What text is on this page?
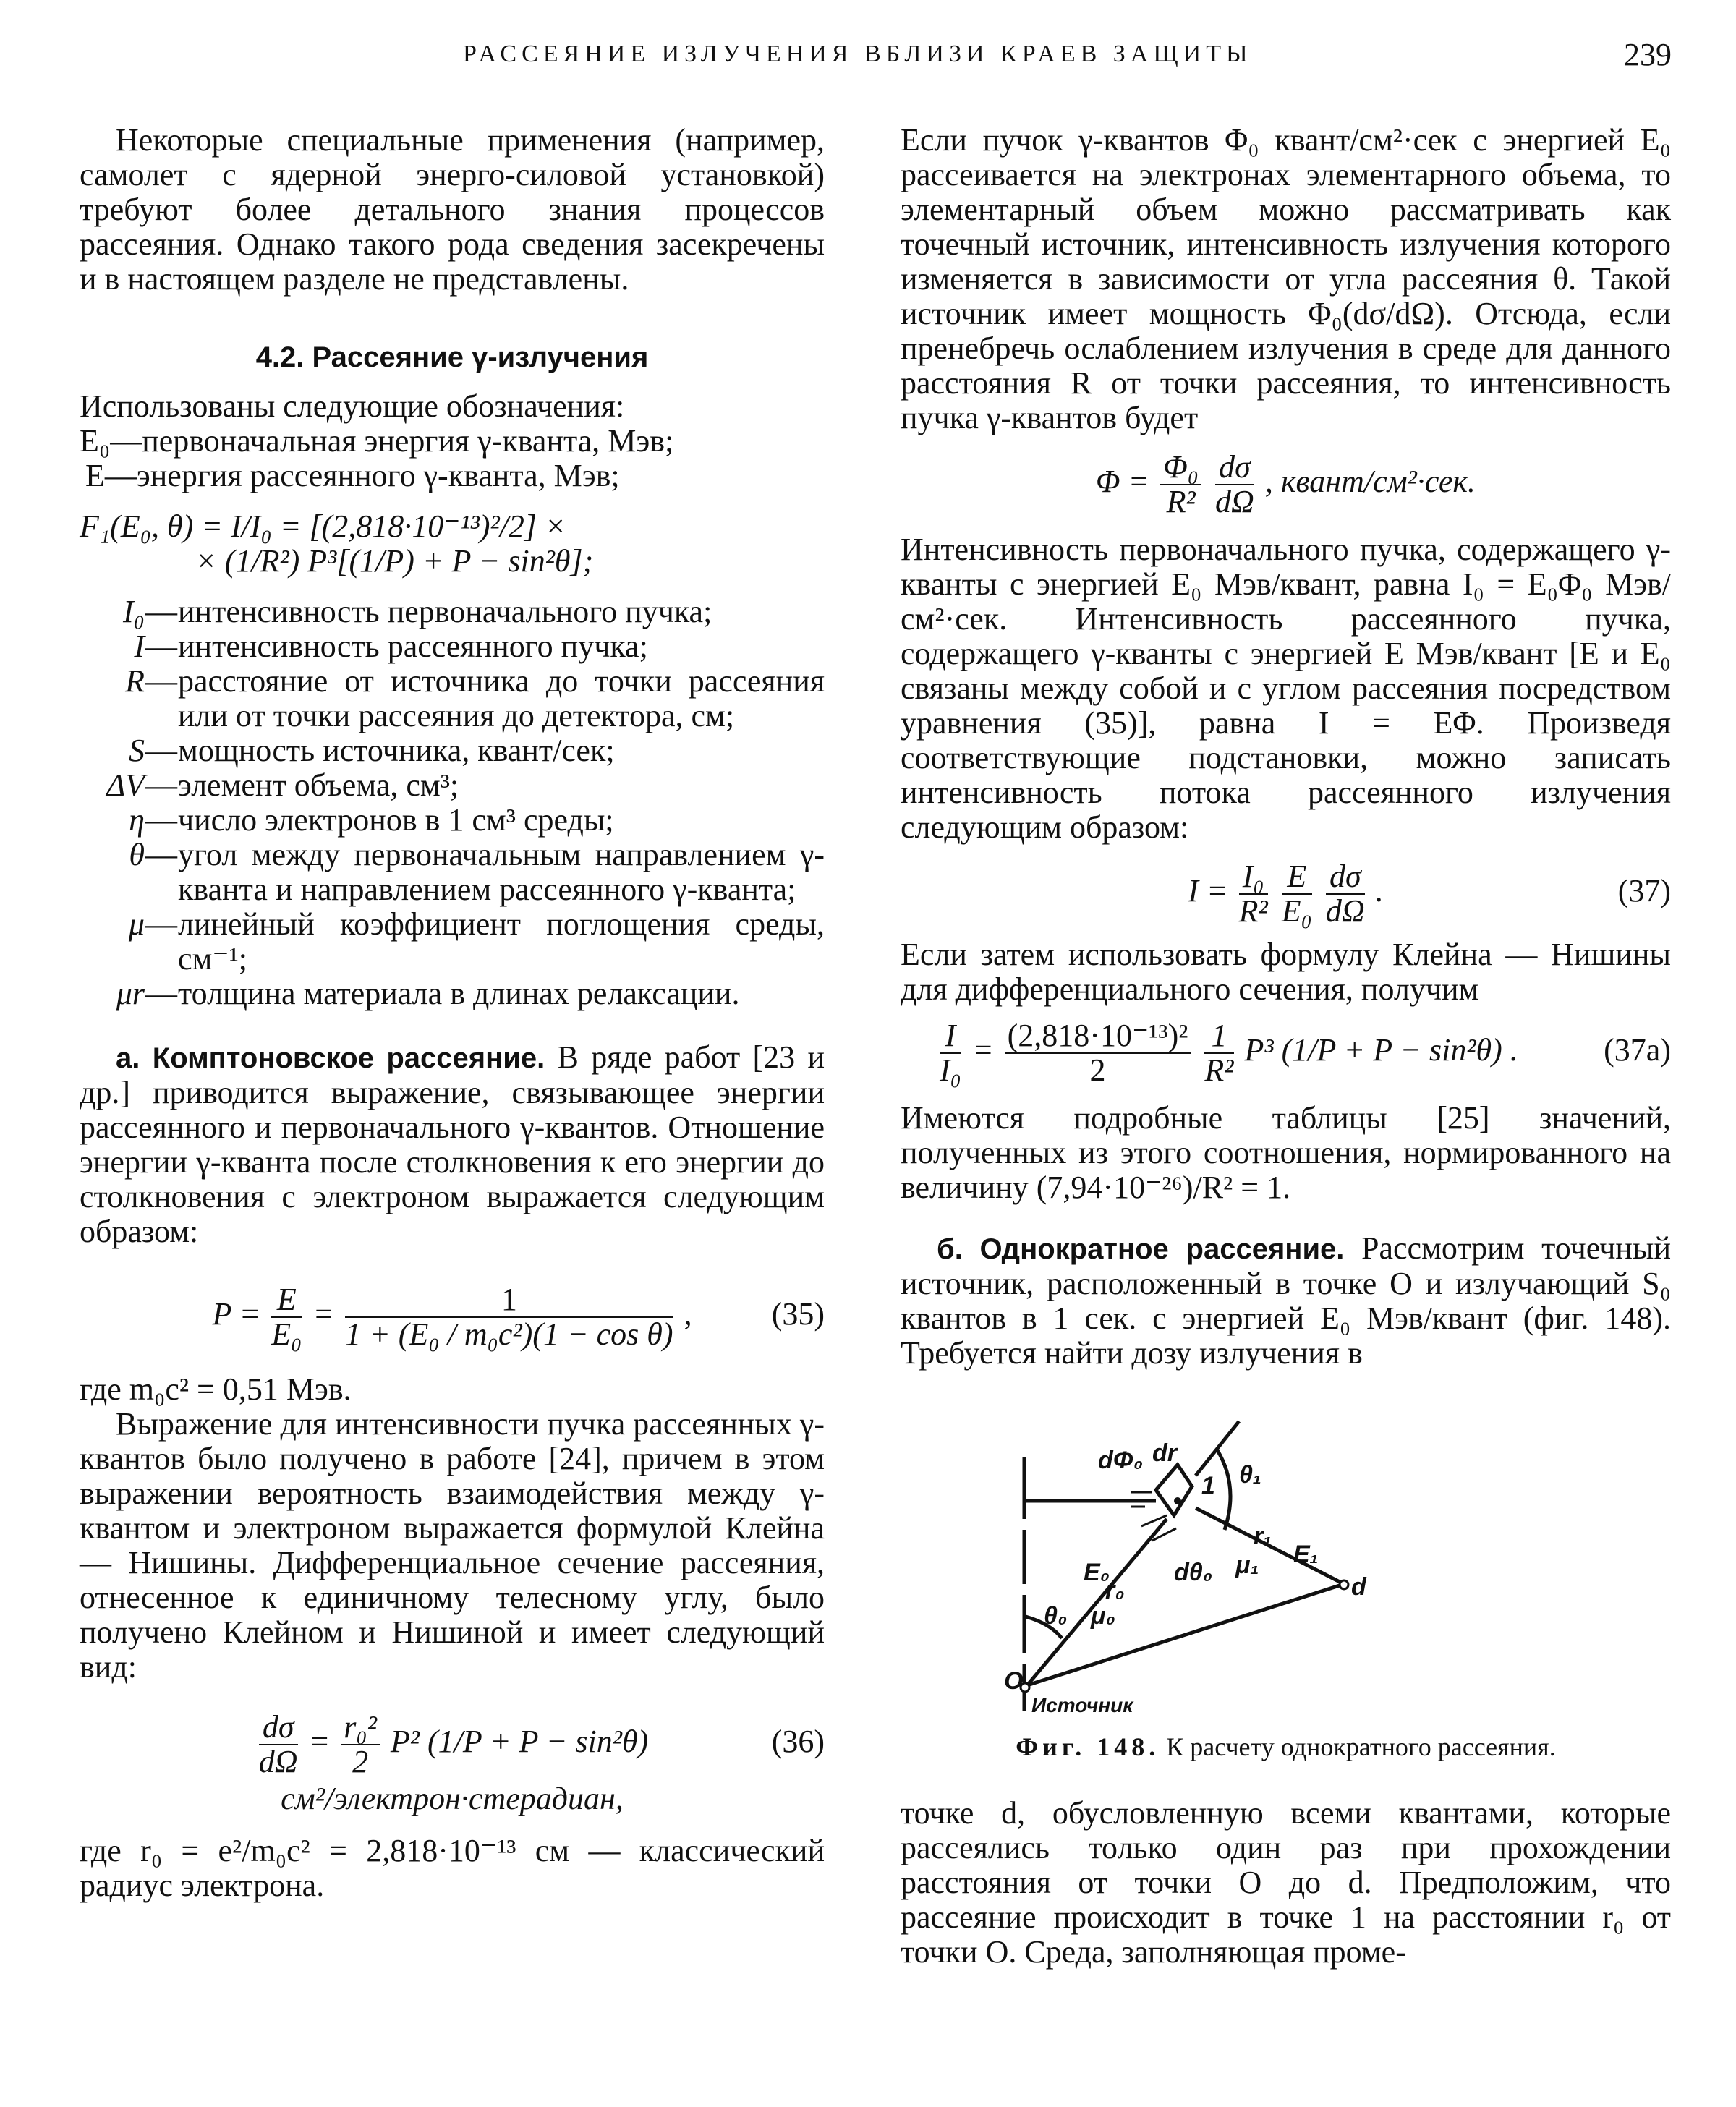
РАССЕЯНИЕ ИЗЛУЧЕНИЯ ВБЛИЗИ КРАЕВ ЗАЩИТЫ	239

Некоторые специальные применения (например, самолет с ядерной энерго-силовой установкой) требуют более детального знания процессов рассеяния. Однако такого рода сведения засекречены и в настоящем разделе не представлены.

4.2. Рассеяние γ-излучения

Использованы следующие обозначения:

E₀—первоначальная энергия γ-кванта, Мэв;

E—энергия рассеянного γ-кванта, Мэв;

F₁(E₀, θ) = I/I₀ = [(2,818·10⁻¹³)²/2] ×

× (1/R²) P³[(1/P) + P − sin²θ];

I₀ — интенсивность первоначального пучка;
I — интенсивность рассеянного пучка;
R — расстояние от источника до точки рассеяния или от точки рассеяния до детектора, см;
S — мощность источника, квант/сек;
ΔV — элемент объема, см³;
η — число электронов в 1 см³ среды;
θ — угол между первоначальным направлением γ-кванта и направлением рассеянного γ-кванта;
μ — линейный коэффициент поглощения среды, см⁻¹;
μr — толщина материала в длинах релаксации.

а. Комптоновское рассеяние. В ряде работ [23 и др.] приводится выражение, связывающее энергии рассеянного и первоначального γ-квантов. Отношение энергии γ-кванта после столкновения к его энергии до столкновения с электроном выражается следующим образом:

$P = \frac{E}{\text{E₀}} = \frac{1}{\text{1 + (E₀ / m₀c²)(1 − cos θ)}}$ ,	(35)

где m₀c² = 0,51 Мэв.

Выражение для интенсивности пучка рассеянных γ-квантов было получено в работе [24], причем в этом выражении вероятность взаимодействия между γ-квантом и электроном выражается формулой Клейна — Нишины. Дифференциальное сечение рассеяния, отнесенное к единичному телесному углу, было получено Клейном и Нишиной и имеет следующий вид:

$\frac{d\sigma}{d\Omega} = \frac{\text{r₀²}}{2} P^2$ (1/P + P − sin²θ)	(36)

см²/электрон·стерадиан,

где r₀ = e²/m₀c² = 2,818·10⁻¹³ см — классический радиус электрона.

Если пучок γ-квантов Φ₀ квант/см²·сек с энергией E₀ рассеивается на электронах элементарного объема, то элементарный объем можно рассматривать как точечный источник, интенсивность излучения которого изменяется в зависимости от угла рассеяния θ. Такой источник имеет мощность Φ₀(dσ/dΩ). Отсюда, если пренебречь ослаблением излучения в среде для данного расстояния R от точки рассеяния, то интенсивность пучка γ-квантов будет

$\Phi = \frac{\text{Φ₀}}{\text{R²}}$
$\frac{d\sigma}{d\Omega}$ , квант/см²·сек.

Интенсивность первоначального пучка, содержащего γ-кванты с энергией E₀ Мэв/квант, равна I₀ = E₀Φ₀ Мэв/см²·сек. Интенсивность рассеянного пучка, содержащего γ-кванты с энергией E Мэв/квант [E и E₀ связаны между собой и с углом рассеяния посредством уравнения (35)], равна I = EΦ. Произведя соответствующие подстановки, можно записать интенсивность потока рассеянного излучения следующим образом:

$I = \frac{\text{I₀}}{\text{R²}}$
$\frac{E}{\text{E₀}}$
$\frac{d\sigma}{d\Omega}$ .	(37)

Если затем использовать формулу Клейна — Нишины для дифференциального сечения, получим

$\frac{I}{\text{I₀}} = \frac{\text{(2,818·10⁻¹³)²}}{2}$
$\frac{1}{\text{R²}} P^3$ (1/P + P − sin²θ) .	(37a)

Имеются подробные таблицы [25] значений, полученных из этого соотношения, нормированного на величину (7,94·10⁻²⁶)/R² = 1.

б. Однократное рассеяние. Рассмотрим точечный источник, расположенный в точке O и излучающий S₀ квантов в 1 сек. с энергией E₀ Мэв/квант (фиг. 148). Требуется найти дозу излучения в

dΦ₀ dr
1 θ₁
r₁
μ₁ E₁
dθ₀
E₀
r₀
μ₀
θ₀
d
O
Источник
Фиг. 148. К расчету однократного рассеяния.

точке d, обусловленную всеми квантами, которые рассеялись только один раз при прохождении расстояния от точки O до d. Предположим, что рассеяние происходит в точке 1 на расстоянии r₀ от точки O. Среда, заполняющая проме-
